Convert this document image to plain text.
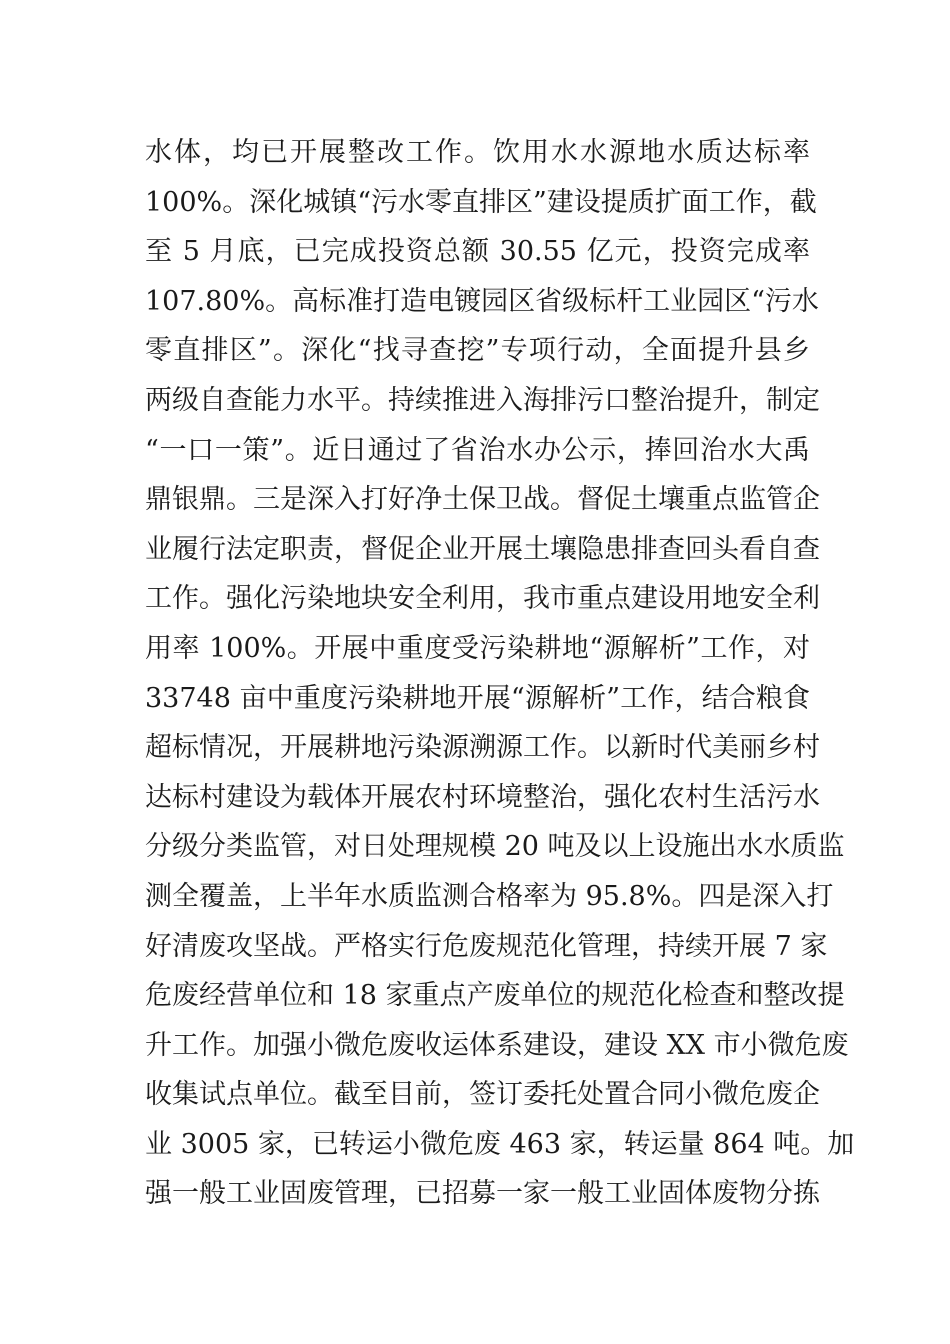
水体，均已开展整改工作。饮用水水源地水质达标率
100%。深化城镇“污水零直排区”建设提质扩面工作，截
至 5 月底，已完成投资总额 30.55 亿元，投资完成率
107.80%。高标准打造电镀园区省级标杆工业园区“污水
零直排区”。深化“找寻查挖”专项行动，全面提升县乡
两级自查能力水平。持续推进入海排污口整治提升，制定
“一口一策”。近日通过了省治水办公示，捧回治水大禹
鼎银鼎。三是深入打好净土保卫战。督促土壤重点监管企
业履行法定职责，督促企业开展土壤隐患排查回头看自查
工作。强化污染地块安全利用，我市重点建设用地安全利
用率 100%。开展中重度受污染耕地“源解析”工作，对
33748 亩中重度污染耕地开展“源解析”工作，结合粮食
超标情况，开展耕地污染源溯源工作。以新时代美丽乡村
达标村建设为载体开展农村环境整治，强化农村生活污水
分级分类监管，对日处理规模 20 吨及以上设施出水水质监
测全覆盖，上半年水质监测合格率为 95.8%。四是深入打
好清废攻坚战。严格实行危废规范化管理，持续开展 7 家
危废经营单位和 18 家重点产废单位的规范化检查和整改提
升工作。加强小微危废收运体系建设，建设 XX 市小微危废
收集试点单位。截至目前，签订委托处置合同小微危废企
业 3005 家，已转运小微危废 463 家，转运量 864 吨。加
强一般工业固废管理，已招募一家一般工业固体废物分拣
